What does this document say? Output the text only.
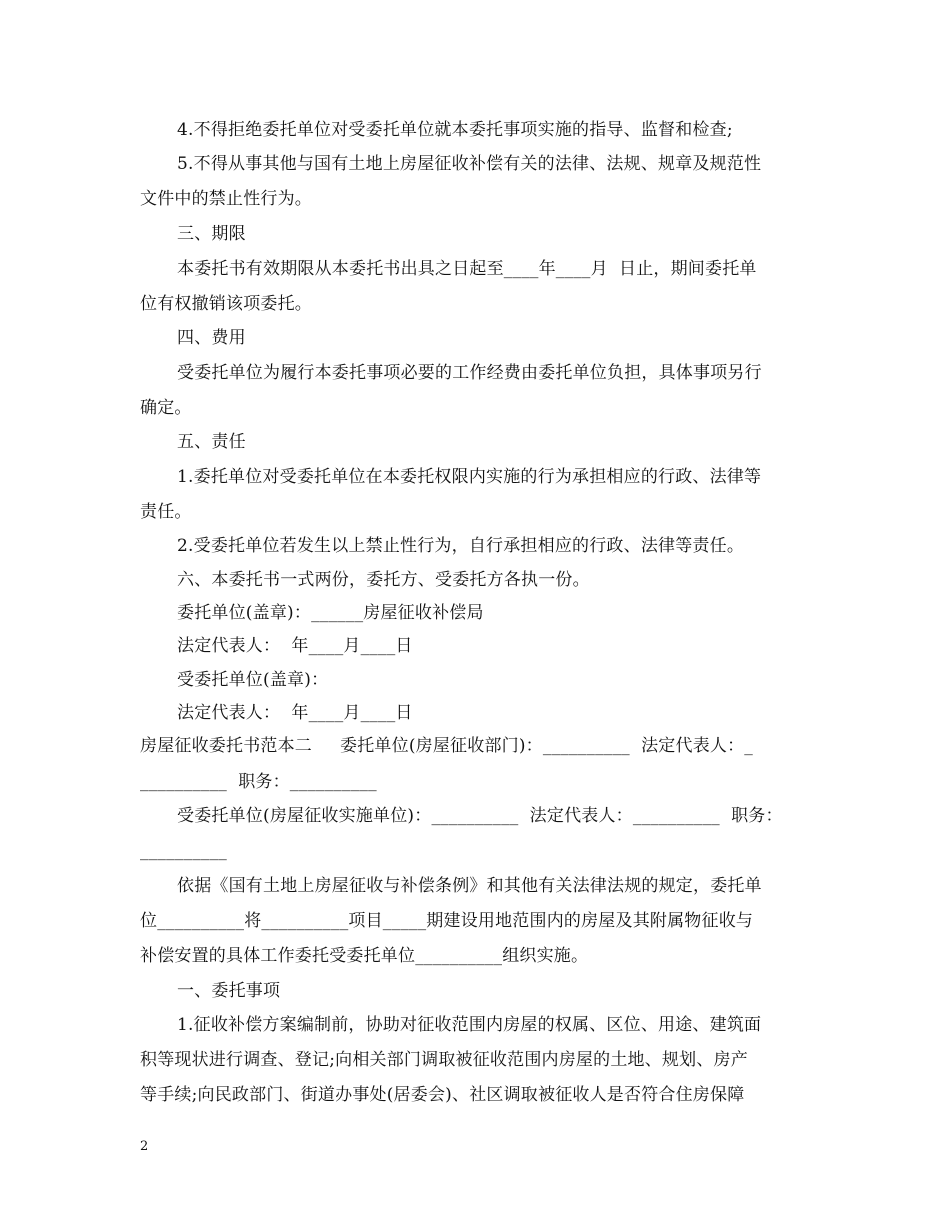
4.不得拒绝委托单位对受委托单位就本委托事项实施的指导、监督和检查;
5.不得从事其他与国有土地上房屋征收补偿有关的法律、法规、规章及规范性
文件中的禁止性行为。
三、期限
本委托书有效期限从本委托书出具之日起至____年____月  日止，期间委托单
位有权撤销该项委托。
四、费用
受委托单位为履行本委托事项必要的工作经费由委托单位负担，具体事项另行
确定。
五、责任
1.委托单位对受委托单位在本委托权限内实施的行为承担相应的行政、法律等
责任。
2.受委托单位若发生以上禁止性行为，自行承担相应的行政、法律等责任。
六、本委托书一式两份，委托方、受委托方各执一份。
委托单位(盖章)：______房屋征收补偿局
法定代表人：  年____月____日
受委托单位(盖章)：
法定代表人：  年____月____日
房屋征收委托书范本二     委托单位(房屋征收部门)：__________  法定代表人：_
__________  职务：__________
受委托单位(房屋征收实施单位)：__________  法定代表人：__________  职务：
__________
依据《国有土地上房屋征收与补偿条例》和其他有关法律法规的规定，委托单
位__________将__________项目_____期建设用地范围内的房屋及其附属物征收与
补偿安置的具体工作委托受委托单位__________组织实施。
一、委托事项
1.征收补偿方案编制前，协助对征收范围内房屋的权属、区位、用途、建筑面
积等现状进行调查、登记;向相关部门调取被征收范围内房屋的土地、规划、房产
等手续;向民政部门、街道办事处(居委会)、社区调取被征收人是否符合住房保障
2
